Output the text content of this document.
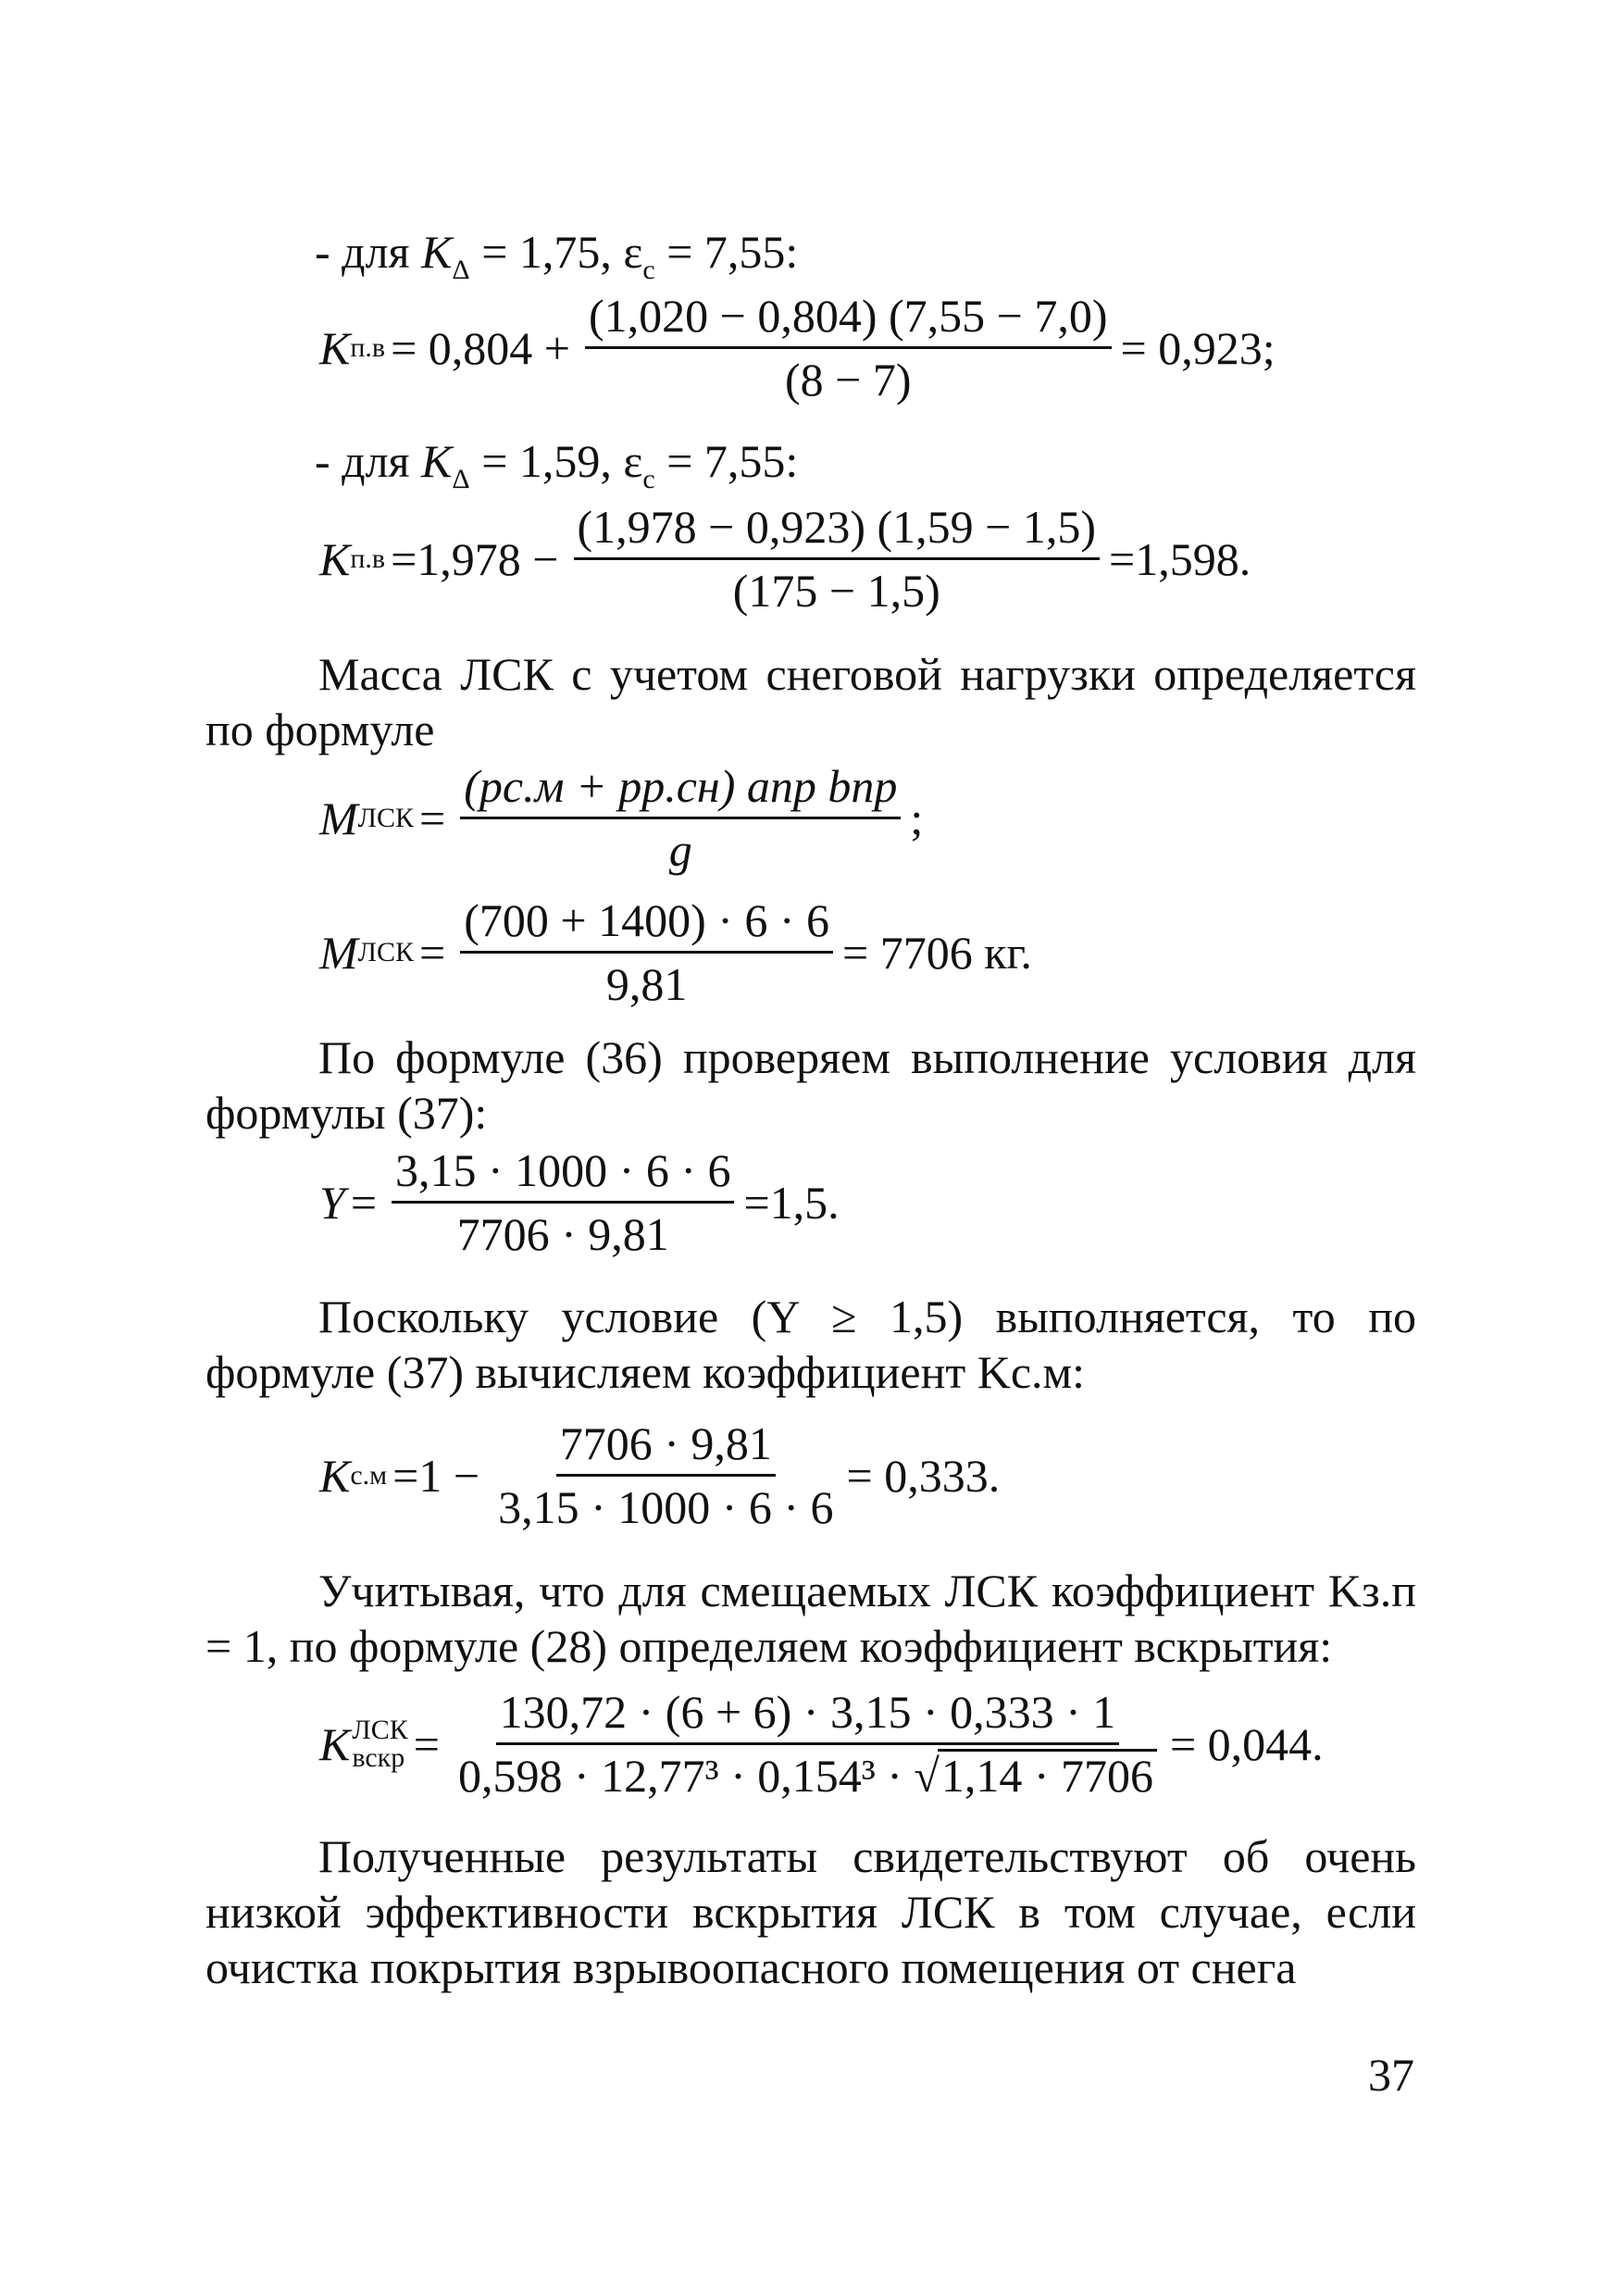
- для $K_\Delta = 1,75$, $\varepsilon_с = 7,55$:
K $п.в = 0,804 + \frac{(1,020 - 0,804) (7,55 - 7,0)}{(8 - 7)} = 0,923$;
- для $K_\Delta = 1,59$, $\varepsilon_с = 7,55$:
K $п.в =1,978 - \frac{(1,978 - 0,923) (1,59 - 1,5)}{(175 - 1,5)} =1,598$.
Масса ЛСК с учетом снеговой нагрузки определяется по формуле
M ЛСК = $\frac{\text{(pс.м + pр.сн) aпр bпр}}{g}$ ;
M ЛСК = $\frac{(700 + 1400) \cdot 6 \cdot 6}{9,81} = 7706$ кг.
По формуле (36) проверяем выполнение условия для формулы (37):
$Y = \frac{3,15 \cdot 1000 \cdot 6 \cdot 6}{7706 \cdot 9,81} =1,5$.
Поскольку условие (Y ≥ 1,5) выполняется, то по формуле (37) вычисляем коэффициент Kс.м:
K $с.м =1 - \frac{7706 \cdot 9,81}{3,15 \cdot 1000 \cdot 6 \cdot 6} = 0,333$.
Учитывая, что для смещаемых ЛСК коэффициент Kз.п = 1, по формуле (28) определяем коэффициент вскрытия:
K ЛСК
вскр = $\frac{130,72 \cdot (6 + 6) \cdot 3,15 \cdot 0,333 \cdot 1}{\text{0,598 · 12,77³ · 0,154³ · √1,14 · 7706}} = 0,044$.
Полученные результаты свидетельствуют об очень низкой эффективности вскрытия ЛСК в том случае, если очистка покрытия взрывоопасного помещения от снега
37
